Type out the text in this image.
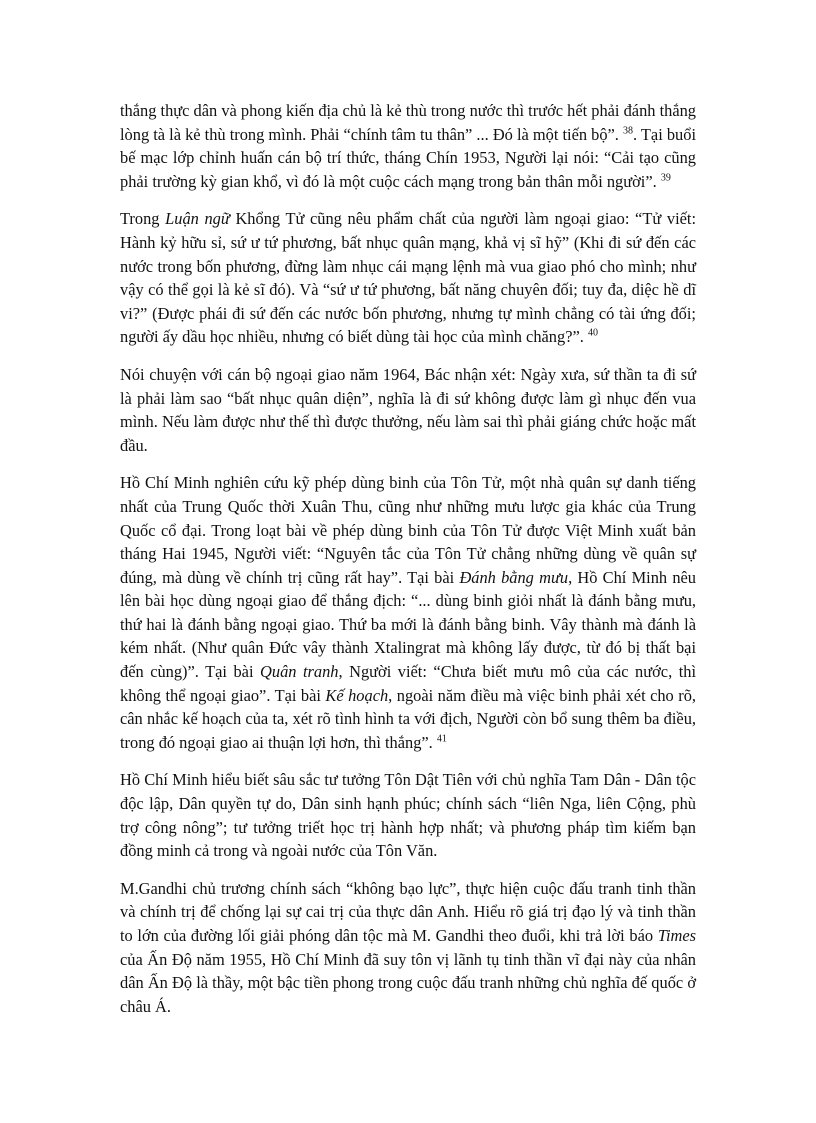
thắng thực dân và phong kiến địa chủ là kẻ thù trong nước thì trước hết phải đánh thắng lòng tà là kẻ thù trong mình. Phải “chính tâm tu thân” ... Đó là một tiến bộ”. $^{38}$. Tại buổi bế mạc lớp chỉnh huấn cán bộ trí thức, tháng Chín 1953, Người lại nói: “Cải tạo cũng phải trường kỳ gian khổ, vì đó là một cuộc cách mạng trong bản thân mỗi người”. $^{39}$

Trong Luận ngữ Khổng Tử cũng nêu phẩm chất của người làm ngoại giao: “Tử viết: Hành kỷ hữu sỉ, sứ ư tứ phương, bất nhục quân mạng, khả vị sĩ hỹ” (Khi đi sứ đến các nước trong bốn phương, đừng làm nhục cái mạng lệnh mà vua giao phó cho mình; như vậy có thể gọi là kẻ sĩ đó). Và “sứ ư tứ phương, bất năng chuyên đối; tuy đa, diệc hề dĩ vi?” (Được phái đi sứ đến các nước bốn phương, nhưng tự mình chẳng có tài ứng đối; người ấy dầu học nhiều, nhưng có biết dùng tài học của mình chăng?”. $^{40}$

Nói chuyện với cán bộ ngoại giao năm 1964, Bác nhận xét: Ngày xưa, sứ thần ta đi sứ là phải làm sao “bất nhục quân diện”, nghĩa là đi sứ không được làm gì nhục đến vua mình. Nếu làm được như thế thì được thưởng, nếu làm sai thì phải giáng chức hoặc mất đầu.

Hồ Chí Minh nghiên cứu kỹ phép dùng binh của Tôn Tử, một nhà quân sự danh tiếng nhất của Trung Quốc thời Xuân Thu, cũng như những mưu lược gia khác của Trung Quốc cổ đại. Trong loạt bài về phép dùng binh của Tôn Tử được Việt Minh xuất bản tháng Hai 1945, Người viết: “Nguyên tắc của Tôn Tử chẳng những dùng về quân sự đúng, mà dùng về chính trị cũng rất hay”. Tại bài Đánh bằng mưu, Hồ Chí Minh nêu lên bài học dùng ngoại giao để thắng địch: “... dùng binh giỏi nhất là đánh bằng mưu, thứ hai là đánh bằng ngoại giao. Thứ ba mới là đánh bằng binh. Vây thành mà đánh là kém nhất. (Như quân Đức vây thành Xtalingrat mà không lấy được, từ đó bị thất bại đến cùng)”. Tại bài Quân tranh, Người viết: “Chưa biết mưu mô của các nước, thì không thể ngoại giao”. Tại bài Kế hoạch, ngoài năm điều mà việc binh phải xét cho rõ, cân nhắc kế hoạch của ta, xét rõ tình hình ta với địch, Người còn bổ sung thêm ba điều, trong đó ngoại giao ai thuận lợi hơn, thì thắng”. $^{41}$

Hồ Chí Minh hiểu biết sâu sắc tư tưởng Tôn Dật Tiên với chủ nghĩa Tam Dân - Dân tộc độc lập, Dân quyền tự do, Dân sinh hạnh phúc; chính sách “liên Nga, liên Cộng, phù trợ công nông”; tư tưởng triết học trị hành hợp nhất; và phương pháp tìm kiếm bạn đồng minh cả trong và ngoài nước của Tôn Văn.

M.Gandhi chủ trương chính sách “không bạo lực”, thực hiện cuộc đấu tranh tinh thần và chính trị để chống lại sự cai trị của thực dân Anh. Hiểu rõ giá trị đạo lý và tinh thần to lớn của đường lối giải phóng dân tộc mà M. Gandhi theo đuổi, khi trả lời báo Times của Ấn Độ năm 1955, Hồ Chí Minh đã suy tôn vị lãnh tụ tinh thần vĩ đại này của nhân dân Ấn Độ là thầy, một bậc tiền phong trong cuộc đấu tranh những chủ nghĩa đế quốc ở châu Á.
